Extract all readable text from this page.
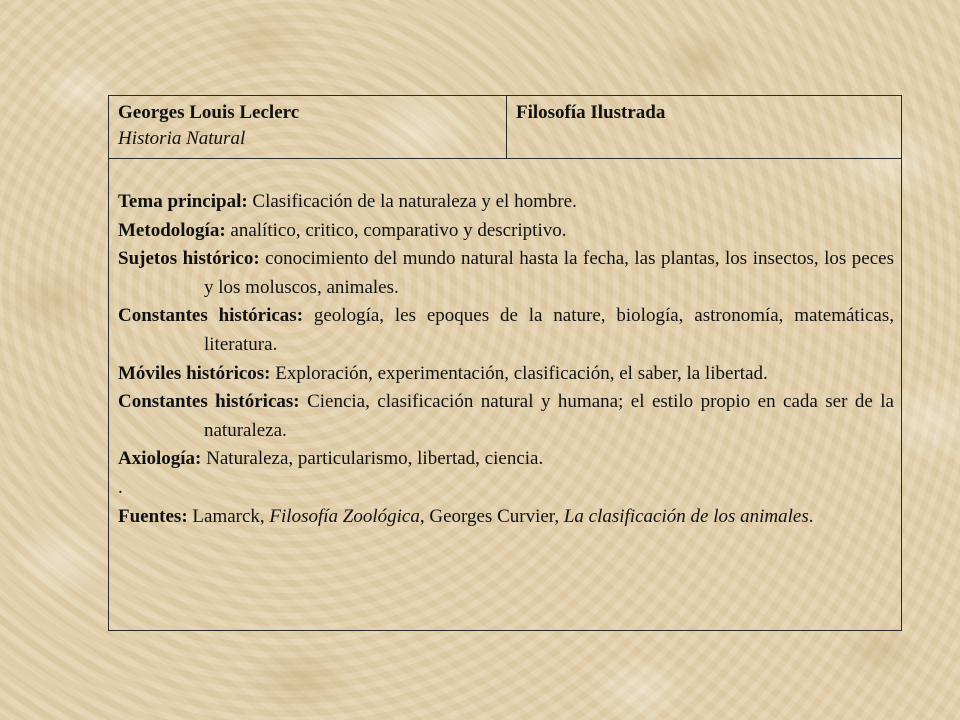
Georges Louis Leclerc
Historia Natural
Filosofía Ilustrada

Tema principal: Clasificación de la naturaleza y el hombre.

Metodología: analítico, critico, comparativo y descriptivo.

Sujetos histórico: conocimiento del mundo natural hasta la fecha, las plantas, los insectos, los peces y los moluscos, animales.

Constantes históricas: geología, les epoques de la nature, biología, astronomía, matemáticas, literatura.

Móviles históricos: Exploración, experimentación, clasificación, el saber, la libertad.

Constantes históricas: Ciencia, clasificación natural y humana; el estilo propio en cada ser de la naturaleza.

Axiología: Naturaleza, particularismo, libertad, ciencia.

.

Fuentes: Lamarck, Filosofía Zoológica, Georges Curvier, La clasificación de los animales.
